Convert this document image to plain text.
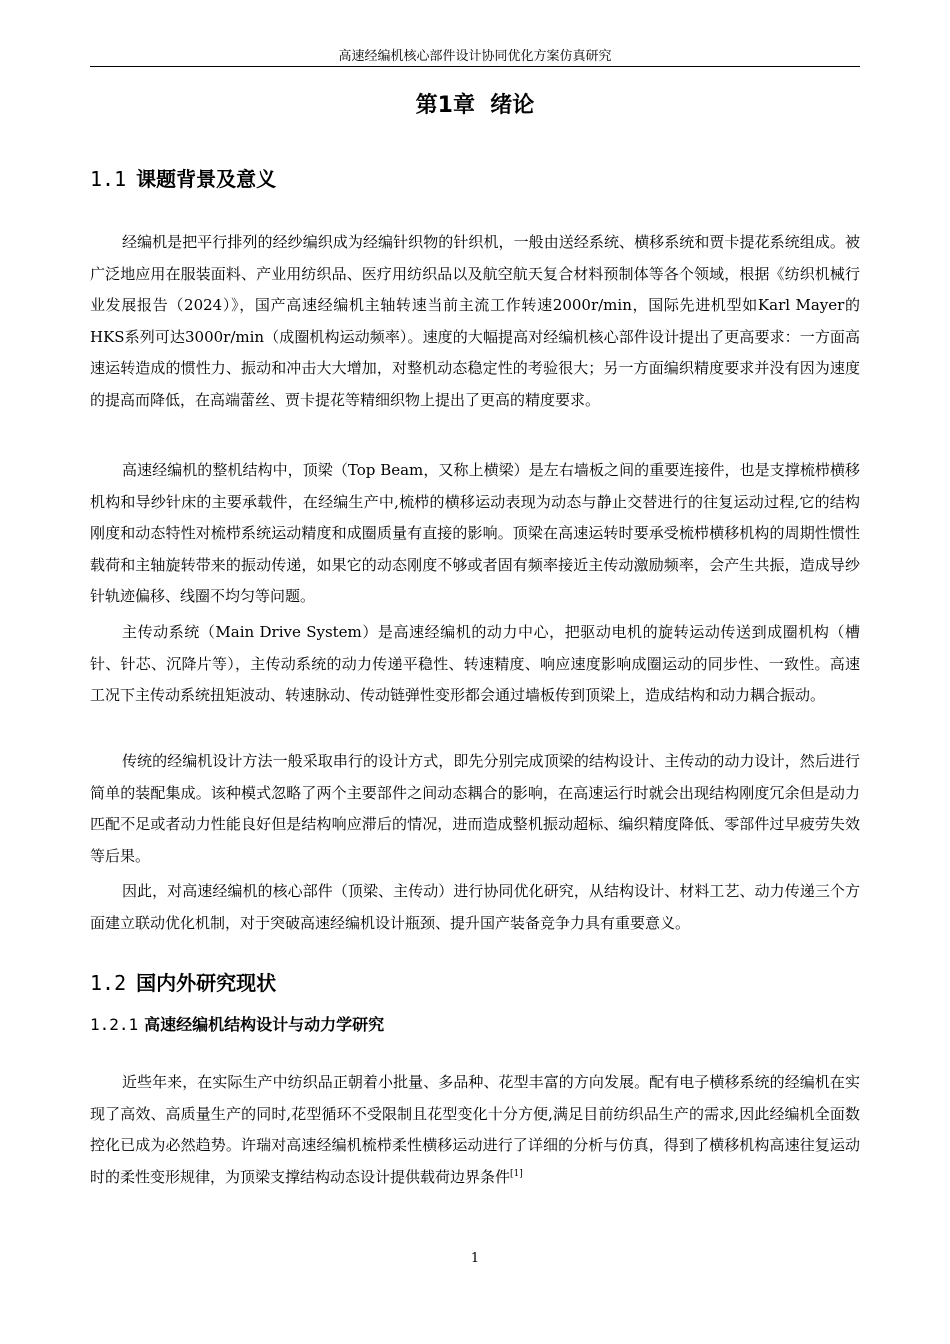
高速经编机核心部件设计协同优化方案仿真研究
第1章  绪论
1.1 课题背景及意义

经编机是把平行排列的经纱编织成为经编针织物的针织机，一般由送经系统、横移系统和贾卡提花系统组成。被广泛地应用在服装面料、产业用纺织品、医疗用纺织品以及航空航天复合材料预制体等各个领域，根据《纺织机械行业发展报告（2024）》，国产高速经编机主轴转速当前主流工作转速2000r/min，国际先进机型如Karl Mayer的HKS系列可达3000r/min（成圈机构运动频率）。速度的大幅提高对经编机核心部件设计提出了更高要求：一方面高速运转造成的惯性力、振动和冲击大大增加，对整机动态稳定性的考验很大；另一方面编织精度要求并没有因为速度的提高而降低，在高端蕾丝、贾卡提花等精细织物上提出了更高的精度要求。

高速经编机的整机结构中，顶梁（Top Beam，又称上横梁）是左右墙板之间的重要连接件，也是支撑梳栉横移机构和导纱针床的主要承载件，在经编生产中,梳栉的横移运动表现为动态与静止交替进行的往复运动过程,它的结构刚度和动态特性对梳栉系统运动精度和成圈质量有直接的影响。顶梁在高速运转时要承受梳栉横移机构的周期性惯性载荷和主轴旋转带来的振动传递，如果它的动态刚度不够或者固有频率接近主传动激励频率，会产生共振，造成导纱针轨迹偏移、线圈不均匀等问题。

主传动系统（Main Drive System）是高速经编机的动力中心，把驱动电机的旋转运动传送到成圈机构（槽针、针芯、沉降片等），主传动系统的动力传递平稳性、转速精度、响应速度影响成圈运动的同步性、一致性。高速工况下主传动系统扭矩波动、转速脉动、传动链弹性变形都会通过墙板传到顶梁上，造成结构和动力耦合振动。

传统的经编机设计方法一般采取串行的设计方式，即先分别完成顶梁的结构设计、主传动的动力设计，然后进行简单的装配集成。该种模式忽略了两个主要部件之间动态耦合的影响，在高速运行时就会出现结构刚度冗余但是动力匹配不足或者动力性能良好但是结构响应滞后的情况，进而造成整机振动超标、编织精度降低、零部件过早疲劳失效等后果。

因此，对高速经编机的核心部件（顶梁、主传动）进行协同优化研究，从结构设计、材料工艺、动力传递三个方面建立联动优化机制，对于突破高速经编机设计瓶颈、提升国产装备竞争力具有重要意义。

1.2 国内外研究现状
1.2.1 高速经编机结构设计与动力学研究

近些年来，在实际生产中纺织品正朝着小批量、多品种、花型丰富的方向发展。配有电子横移系统的经编机在实现了高效、高质量生产的同时,花型循环不受限制且花型变化十分方便,满足目前纺织品生产的需求,因此经编机全面数控化已成为必然趋势。许瑞对高速经编机梳栉柔性横移运动进行了详细的分析与仿真，得到了横移机构高速往复运动时的柔性变形规律，为顶梁支撑结构动态设计提供载荷边界条件[1]

1
